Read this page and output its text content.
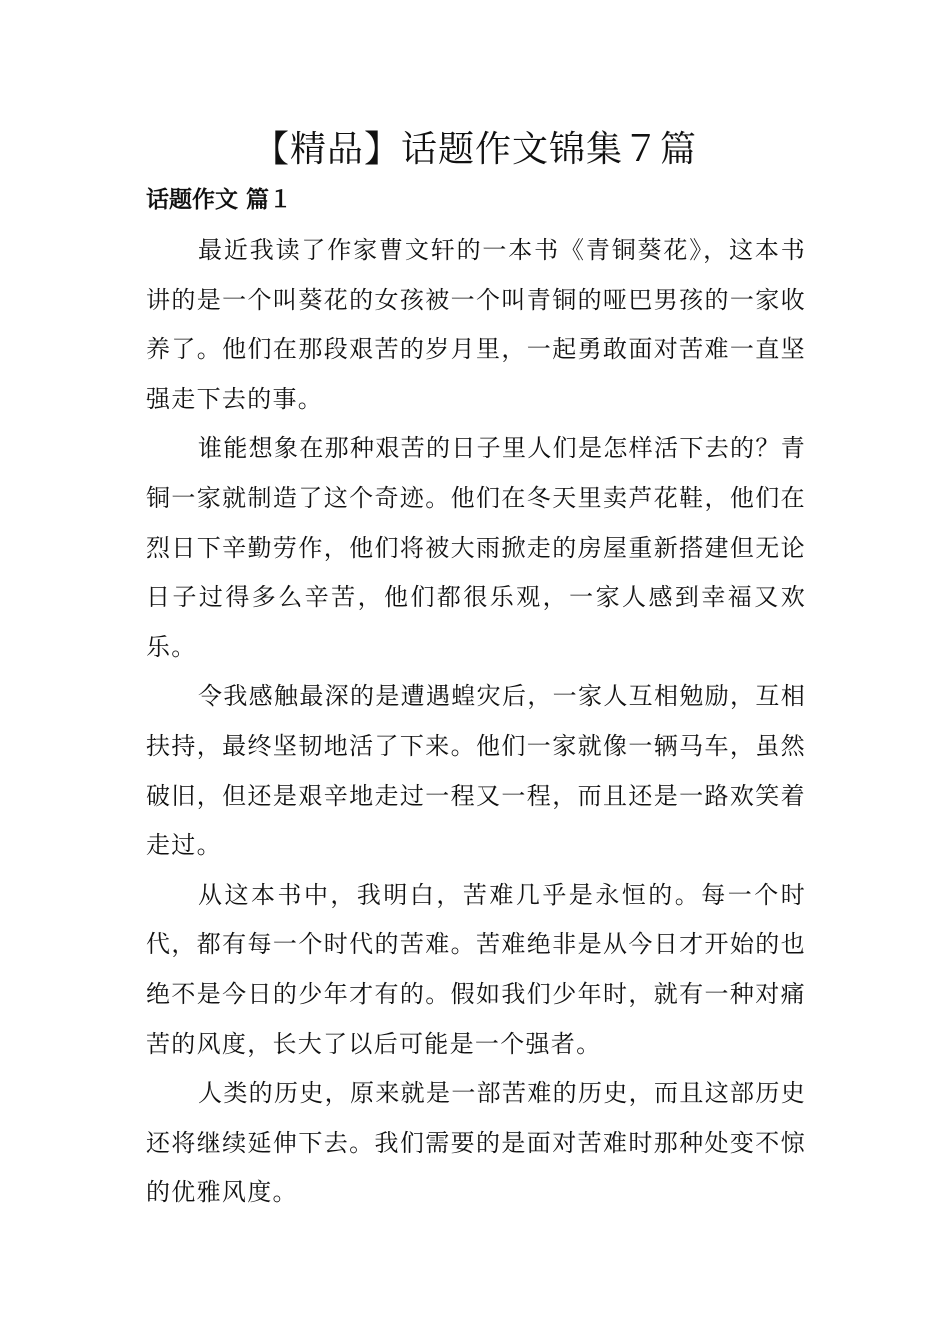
【精品】话题作文锦集７篇
话题作文 篇１

最近我读了作家曹文轩的一本书《青铜葵花》，这本书讲的是一个叫葵花的女孩被一个叫青铜的哑巴男孩的一家收养了。他们在那段艰苦的岁月里，一起勇敢面对苦难一直坚强走下去的事。

谁能想象在那种艰苦的日子里人们是怎样活下去的？青铜一家就制造了这个奇迹。他们在冬天里卖芦花鞋，他们在烈日下辛勤劳作，他们将被大雨掀走的房屋重新搭建但无论日子过得多么辛苦，他们都很乐观，一家人感到幸福又欢乐。

令我感触最深的是遭遇蝗灾后，一家人互相勉励，互相扶持，最终坚韧地活了下来。他们一家就像一辆马车，虽然破旧，但还是艰辛地走过一程又一程，而且还是一路欢笑着走过。

从这本书中，我明白，苦难几乎是永恒的。每一个时代，都有每一个时代的苦难。苦难绝非是从今日才开始的也绝不是今日的少年才有的。假如我们少年时，就有一种对痛苦的风度，长大了以后可能是一个强者。

人类的历史，原来就是一部苦难的历史，而且这部历史还将继续延伸下去。我们需要的是面对苦难时那种处变不惊的优雅风度。
